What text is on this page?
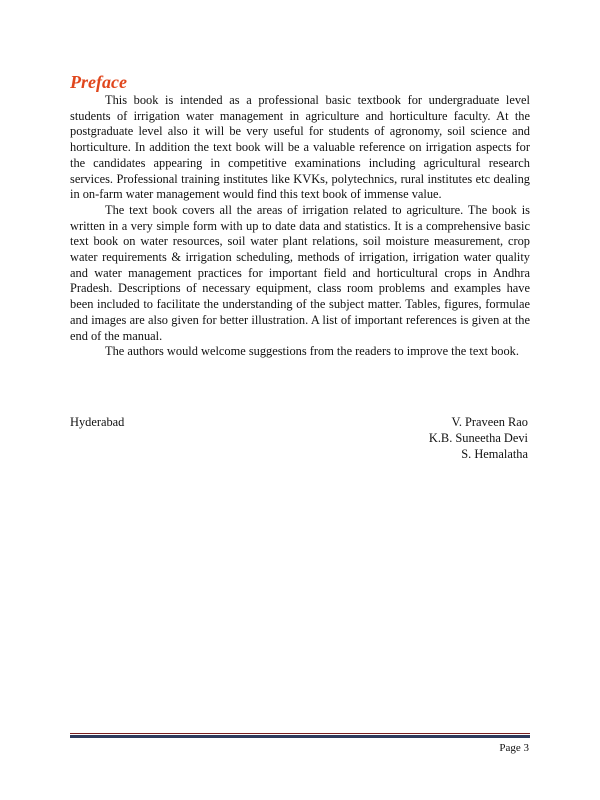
Preface

This book is intended as a professional basic textbook for undergraduate level students of irrigation water management in agriculture and horticulture faculty. At the postgraduate level also it will be very useful for students of agronomy, soil science and horticulture. In addition the text book will be a valuable reference on irrigation aspects for the candidates appearing in competitive examinations including agricultural research services. Professional training institutes like KVKs, polytechnics, rural institutes etc dealing in on-farm water management would find this text book of immense value.

The text book covers all the areas of irrigation related to agriculture. The book is written in a very simple form with up to date data and statistics. It is a comprehensive basic text book on water resources, soil water plant relations, soil moisture measurement, crop water requirements & irrigation scheduling, methods of irrigation, irrigation water quality and water management practices for important field and horticultural crops in Andhra Pradesh. Descriptions of necessary equipment, class room problems and examples have been included to facilitate the understanding of the subject matter. Tables, figures, formulae and images are also given for better illustration. A list of important references is given at the end of the manual.

The authors would welcome suggestions from the readers to improve the text book.

Hyderabad	V. Praveen Rao
K.B. Suneetha Devi
S. Hemalatha
Page 3
